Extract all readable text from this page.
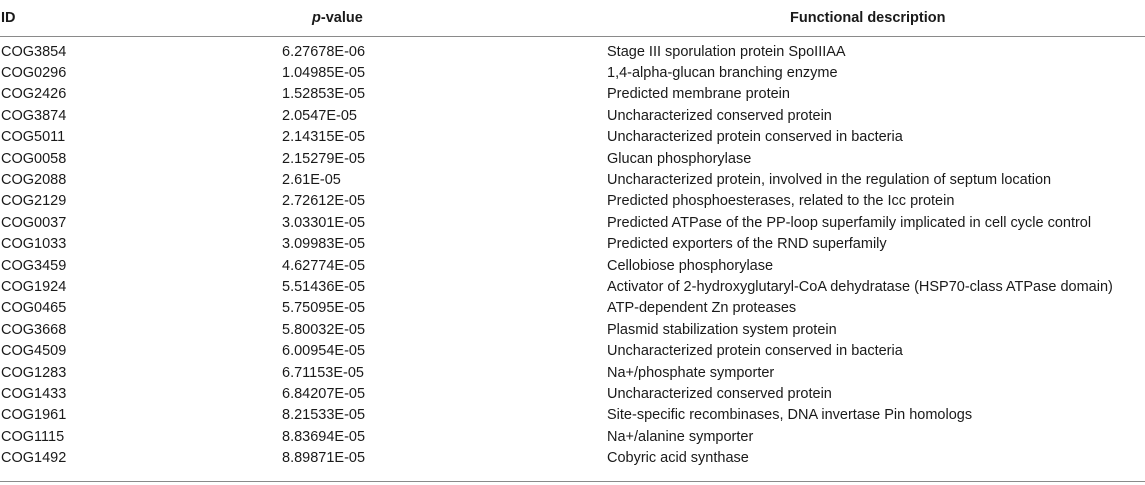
ID	p-value	Functional description
COG3854	6.27678E-06	Stage III sporulation protein SpoIIIAA
COG0296	1.04985E-05	1,4-alpha-glucan branching enzyme
COG2426	1.52853E-05	Predicted membrane protein
COG3874	2.0547E-05	Uncharacterized conserved protein
COG5011	2.14315E-05	Uncharacterized protein conserved in bacteria
COG0058	2.15279E-05	Glucan phosphorylase
COG2088	2.61E-05	Uncharacterized protein, involved in the regulation of septum location
COG2129	2.72612E-05	Predicted phosphoesterases, related to the Icc protein
COG0037	3.03301E-05	Predicted ATPase of the PP-loop superfamily implicated in cell cycle control
COG1033	3.09983E-05	Predicted exporters of the RND superfamily
COG3459	4.62774E-05	Cellobiose phosphorylase
COG1924	5.51436E-05	Activator of 2-hydroxyglutaryl-CoA dehydratase (HSP70-class ATPase domain)
COG0465	5.75095E-05	ATP-dependent Zn proteases
COG3668	5.80032E-05	Plasmid stabilization system protein
COG4509	6.00954E-05	Uncharacterized protein conserved in bacteria
COG1283	6.71153E-05	Na+/phosphate symporter
COG1433	6.84207E-05	Uncharacterized conserved protein
COG1961	8.21533E-05	Site-specific recombinases, DNA invertase Pin homologs
COG1115	8.83694E-05	Na+/alanine symporter
COG1492	8.89871E-05	Cobyric acid synthase
